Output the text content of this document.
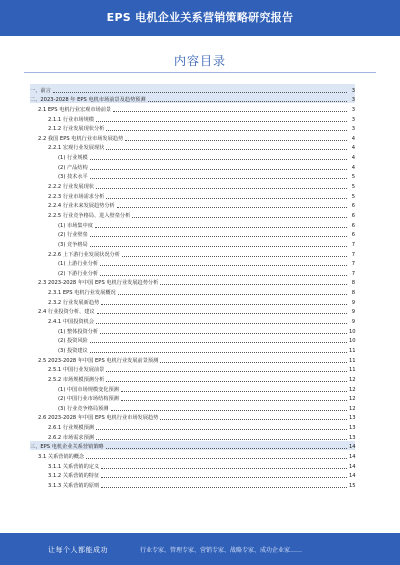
EPS 电机企业关系营销策略研究报告
内容目录
一、前言	3
二、2023-2028 年 EPS 电机市场前景及趋势预测	3
2.1 EPS 电机行业宏观市场前景	3
2.1.1 行业市场规模	3
2.1.2 行业发展现状分析	3
2.2 我国 EPS 电机行业市场发展趋势	4
2.2.1 宏观行业发展现状	4
(1) 行业规模	4
(2) 产品结构	4
(3) 技术水平	5
2.2.2 行业发展现状	5
2.2.3 行业市场需求分析	5
2.2.4 行业未来发展趋势分析	6
2.2.5 行业竞争格局、进入壁垒分析	6
(1) 市场集中度	6
(2) 行业壁垒	6
(3) 竞争格局	7
2.2.6 上下游行业发展状况分析	7
(1) 上游行业分析	7
(2) 下游行业分析	7
2.3 2023-2028 年中国 EPS 电机行业发展趋势分析	8
2.3.1 EPS 电机行业发展概况	8
2.3.2 行业发展新趋势	9
2.4 行业投资分析、建议	9
2.4.1 中国投资机会	9
(1) 整体投资分析	10
(2) 投资风险	10
(3) 投资建议	11
2.5 2023-2028 年中国 EPS 电机行业发展前景预测	11
2.5.1 中国行业发展前景	11
2.5.2 市场规模预测分析	12
(1) 中国市场规模变化预测	12
(2) 中国行业市场结构预测	12
(3) 行业竞争格局预测	12
2.6 2023-2028 年中国 EPS 电机行业市场发展趋势	13
2.6.1 行业规模预测	13
2.6.2 市场需求预测	13
三、EPS 电机企业关系营销策略	14
3.1 关系营销的概念	14
3.1.1 关系营销的定义	14
3.1.2 关系营销的特征	14
3.1.3 关系营销的原则	15
让每个人都能成功	行业专家、管理专家、营销专家、战略专家、成功企业家……
